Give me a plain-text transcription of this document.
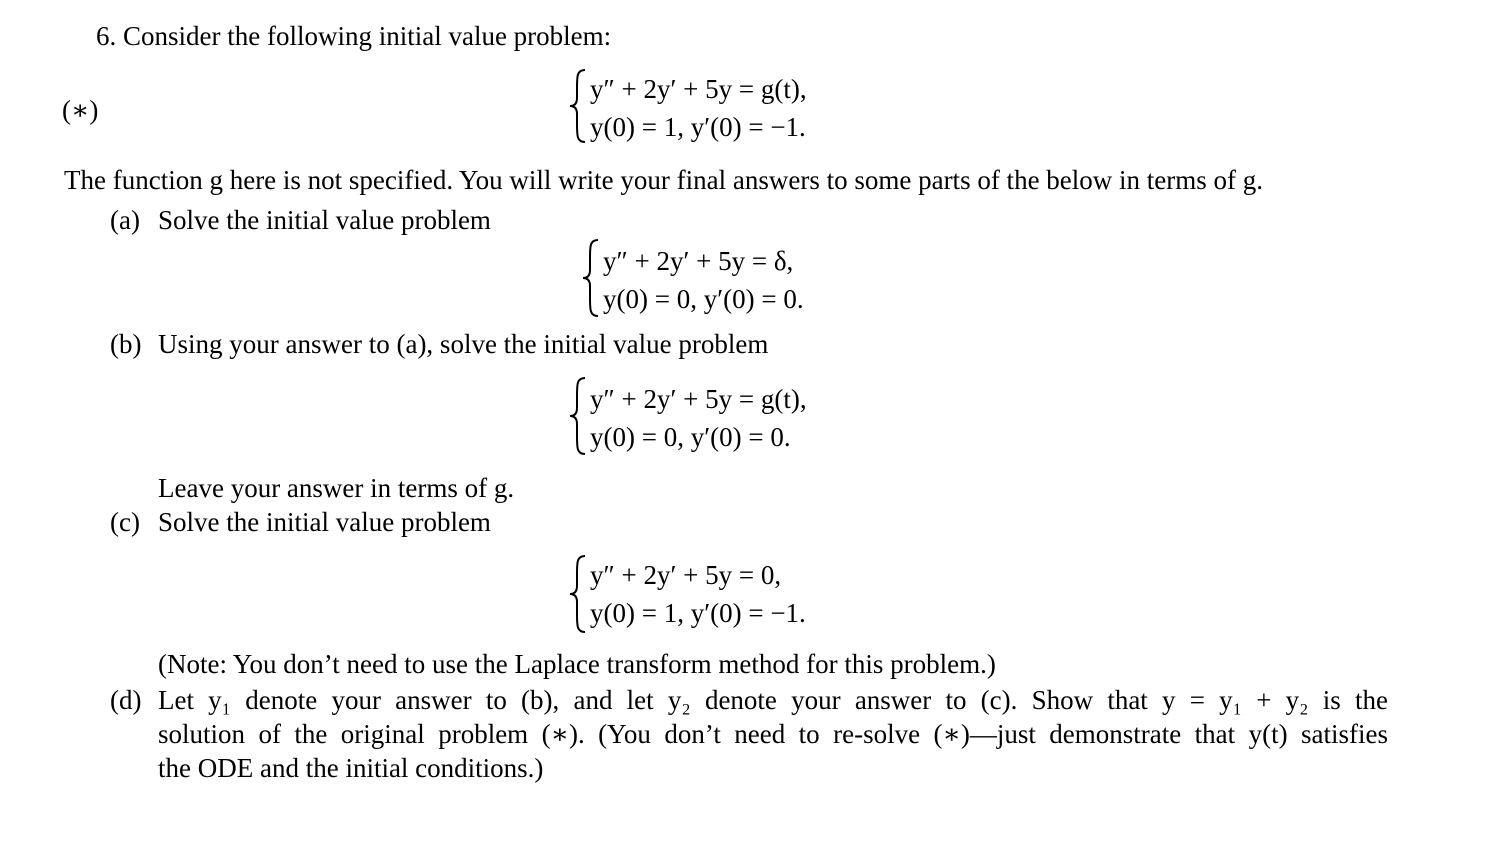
6. Consider the following initial value problem:
(∗)
y″ + 2y′ + 5y = g(t),
y(0) = 1, y′(0) = −1.
The function g here is not specified. You will write your final answers to some parts of the below in terms of g.
(a) Solve the initial value problem
y″ + 2y′ + 5y = δ,
y(0) = 0, y′(0) = 0.
(b) Using your answer to (a), solve the initial value problem
y″ + 2y′ + 5y = g(t),
y(0) = 0, y′(0) = 0.
Leave your answer in terms of g.
(c) Solve the initial value problem
y″ + 2y′ + 5y = 0,
y(0) = 1, y′(0) = −1.
(Note: You don’t need to use the Laplace transform method for this problem.)
(d) Let y₁ denote your answer to (b), and let y₂ denote your answer to (c). Show that y = y₁ + y₂ is the
solution of the original problem (∗). (You don’t need to re-solve (∗)—just demonstrate that y(t) satisfies
the ODE and the initial conditions.)
